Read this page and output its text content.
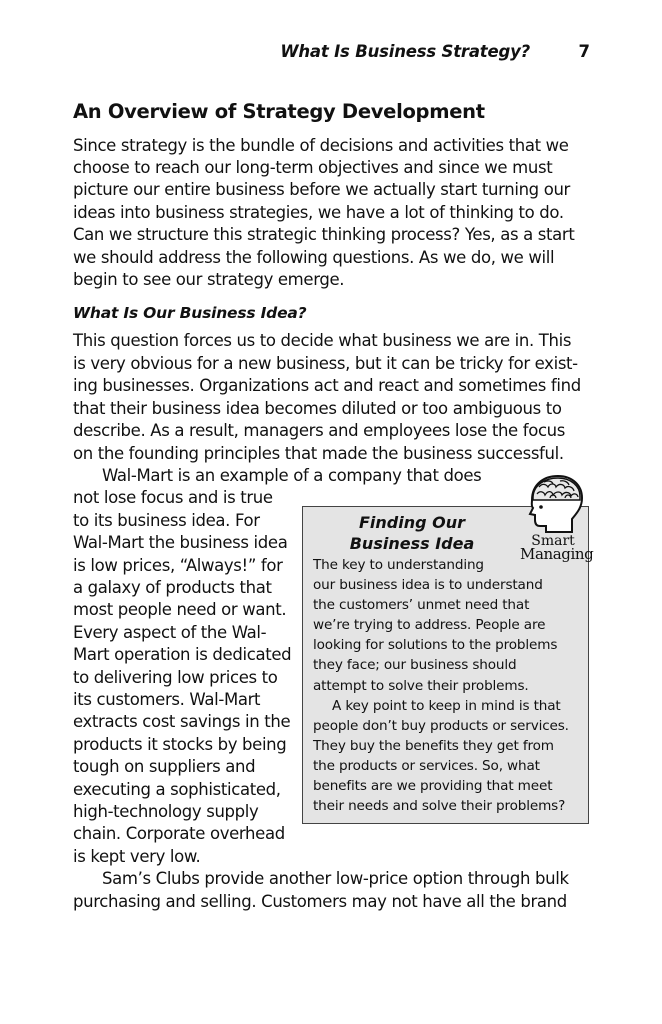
What Is Business Strategy?	7
An Overview of Strategy Development
Since strategy is the bundle of decisions and activities that we
choose to reach our long-term objectives and since we must
picture our entire business before we actually start turning our
ideas into business strategies, we have a lot of thinking to do.
Can we structure this strategic thinking process? Yes, as a start
we should address the following questions. As we do, we will
begin to see our strategy emerge.
What Is Our Business Idea?
This question forces us to decide what business we are in. This
is very obvious for a new business, but it can be tricky for exist-
ing businesses. Organizations act and react and sometimes find
that their business idea becomes diluted or too ambiguous to
describe. As a result, managers and employees lose the focus
on the founding principles that made the business successful.
Wal-Mart is an example of a company that does
not lose focus and is true
to its business idea. For
Wal-Mart the business idea
is low prices, “Always!” for
a galaxy of products that
most people need or want.
Every aspect of the Wal-
Mart operation is dedicated
to delivering low prices to
its customers. Wal-Mart
extracts cost savings in the
products it stocks by being
tough on suppliers and
executing a sophisticated,
high-technology supply
chain. Corporate overhead
is kept very low.
Sam’s Clubs provide another low-price option through bulk
purchasing and selling. Customers may not have all the brand
Finding Our
Business Idea
The key to understanding
our business idea is to understand
the customers’ unmet need that
we’re trying to address. People are
looking for solutions to the problems
they face; our business should
attempt to solve their problems.
A key point to keep in mind is that
people don’t buy products or services.
They buy the benefits they get from
the products or services. So, what
benefits are we providing that meet
their needs and solve their problems?
Smart
Managing
